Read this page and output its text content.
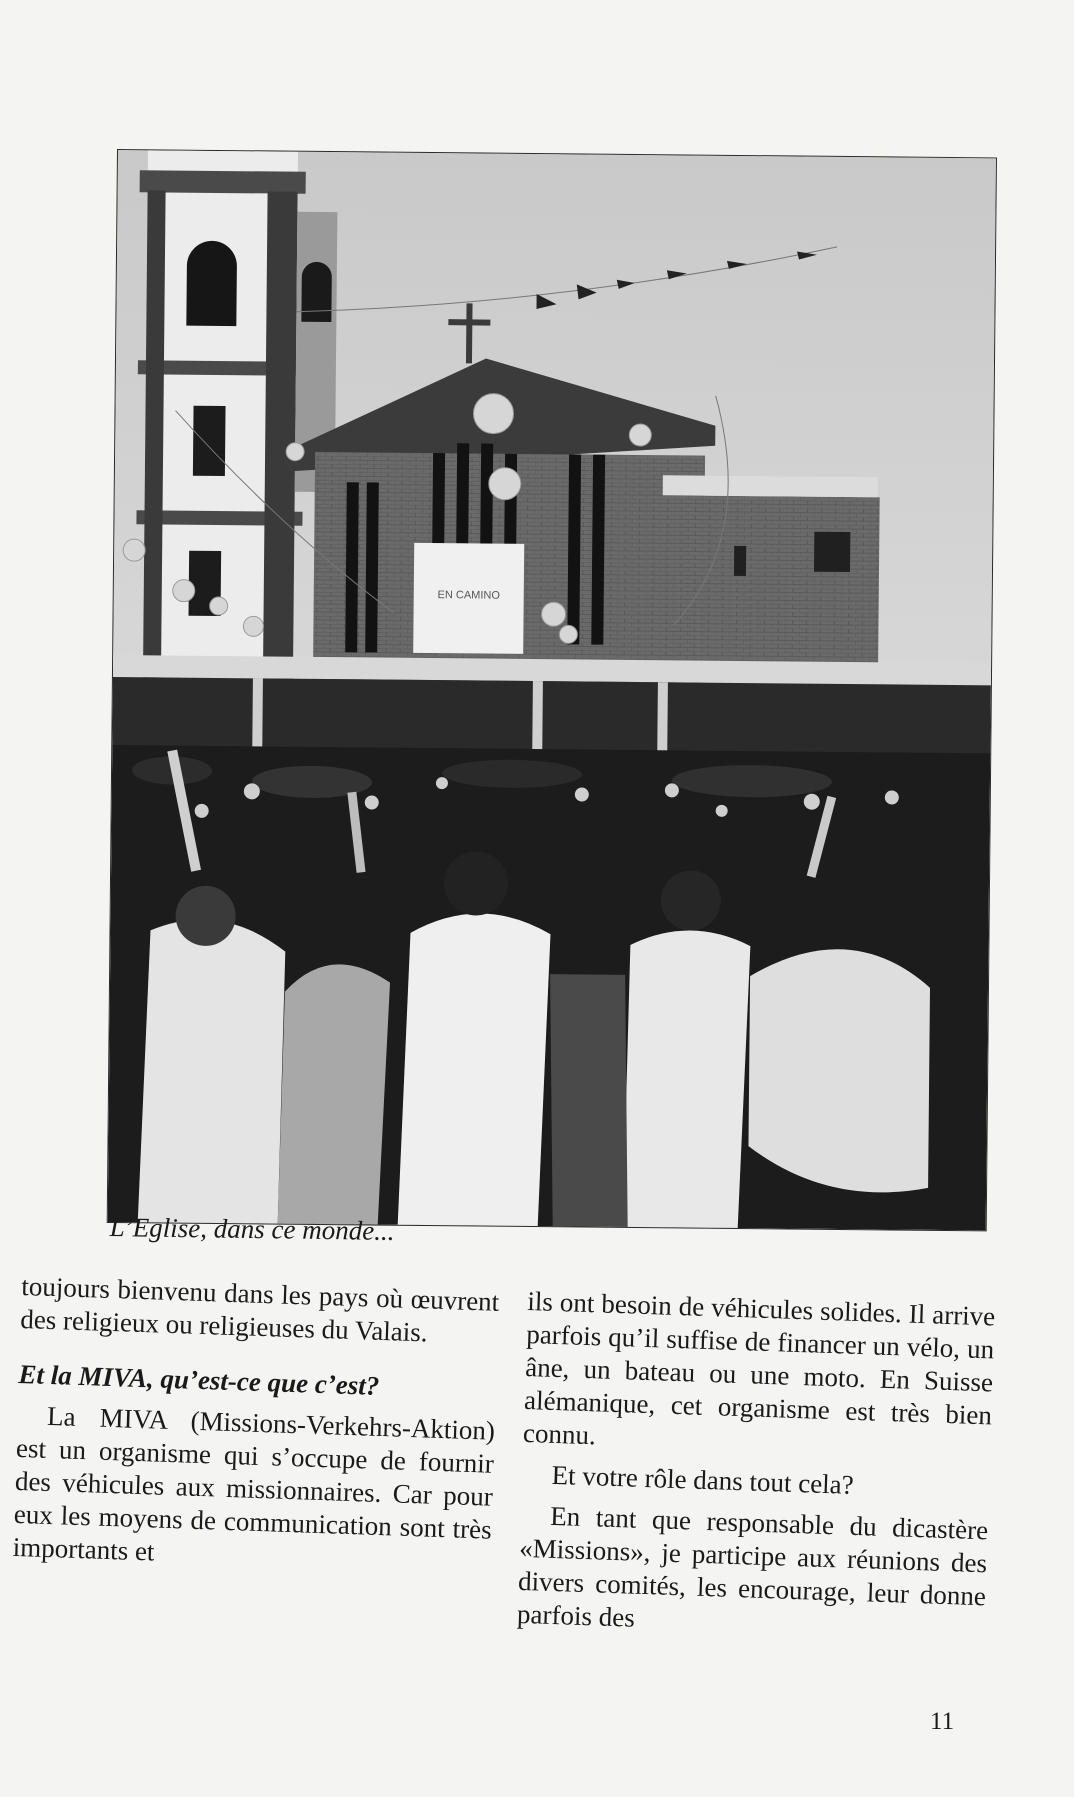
EN CAMINO
L’Eglise, dans ce monde...

toujours bienvenu dans les pays où œuvrent des religieux ou religieuses du Valais.

Et la MIVA, qu’est-ce que c’est?

La MIVA (Missions-Verkehrs-Aktion) est un organisme qui s’occupe de fournir des véhicules aux missionnaires. Car pour eux les moyens de communication sont très importants et

ils ont besoin de véhicules solides. Il arrive parfois qu’il suffise de financer un vélo, un âne, un bateau ou une moto. En Suisse alémanique, cet organisme est très bien connu.

Et votre rôle dans tout cela?

En tant que responsable du dicastère «Missions», je participe aux réunions des divers comités, les encourage, leur donne parfois des

11
